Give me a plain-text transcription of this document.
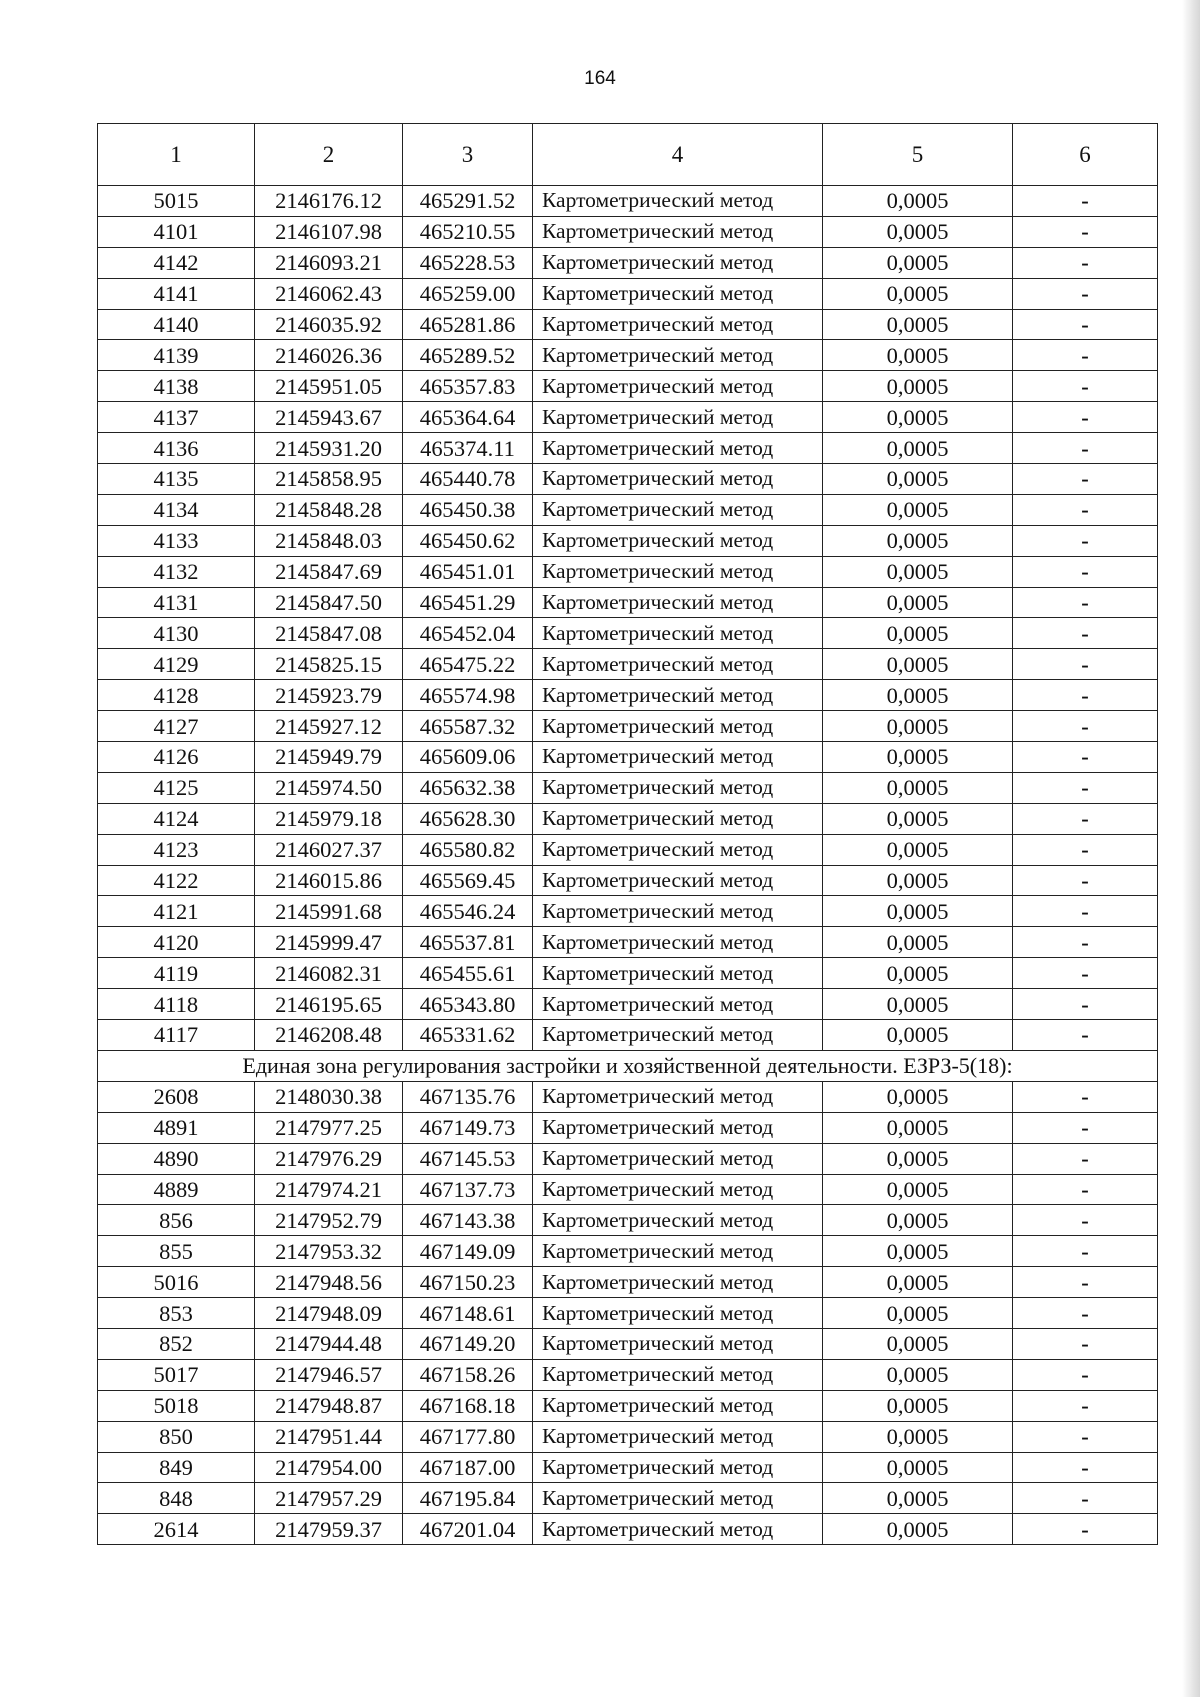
164
1	2	3	4	5	6
5015	2146176.12	465291.52	Картометрический метод	0,0005	-
4101	2146107.98	465210.55	Картометрический метод	0,0005	-
4142	2146093.21	465228.53	Картометрический метод	0,0005	-
4141	2146062.43	465259.00	Картометрический метод	0,0005	-
4140	2146035.92	465281.86	Картометрический метод	0,0005	-
4139	2146026.36	465289.52	Картометрический метод	0,0005	-
4138	2145951.05	465357.83	Картометрический метод	0,0005	-
4137	2145943.67	465364.64	Картометрический метод	0,0005	-
4136	2145931.20	465374.11	Картометрический метод	0,0005	-
4135	2145858.95	465440.78	Картометрический метод	0,0005	-
4134	2145848.28	465450.38	Картометрический метод	0,0005	-
4133	2145848.03	465450.62	Картометрический метод	0,0005	-
4132	2145847.69	465451.01	Картометрический метод	0,0005	-
4131	2145847.50	465451.29	Картометрический метод	0,0005	-
4130	2145847.08	465452.04	Картометрический метод	0,0005	-
4129	2145825.15	465475.22	Картометрический метод	0,0005	-
4128	2145923.79	465574.98	Картометрический метод	0,0005	-
4127	2145927.12	465587.32	Картометрический метод	0,0005	-
4126	2145949.79	465609.06	Картометрический метод	0,0005	-
4125	2145974.50	465632.38	Картометрический метод	0,0005	-
4124	2145979.18	465628.30	Картометрический метод	0,0005	-
4123	2146027.37	465580.82	Картометрический метод	0,0005	-
4122	2146015.86	465569.45	Картометрический метод	0,0005	-
4121	2145991.68	465546.24	Картометрический метод	0,0005	-
4120	2145999.47	465537.81	Картометрический метод	0,0005	-
4119	2146082.31	465455.61	Картометрический метод	0,0005	-
4118	2146195.65	465343.80	Картометрический метод	0,0005	-
4117	2146208.48	465331.62	Картометрический метод	0,0005	-
Единая зона регулирования застройки и хозяйственной деятельности. ЕЗРЗ-5(18):					
2608	2148030.38	467135.76	Картометрический метод	0,0005	-
4891	2147977.25	467149.73	Картометрический метод	0,0005	-
4890	2147976.29	467145.53	Картометрический метод	0,0005	-
4889	2147974.21	467137.73	Картометрический метод	0,0005	-
856	2147952.79	467143.38	Картометрический метод	0,0005	-
855	2147953.32	467149.09	Картометрический метод	0,0005	-
5016	2147948.56	467150.23	Картометрический метод	0,0005	-
853	2147948.09	467148.61	Картометрический метод	0,0005	-
852	2147944.48	467149.20	Картометрический метод	0,0005	-
5017	2147946.57	467158.26	Картометрический метод	0,0005	-
5018	2147948.87	467168.18	Картометрический метод	0,0005	-
850	2147951.44	467177.80	Картометрический метод	0,0005	-
849	2147954.00	467187.00	Картометрический метод	0,0005	-
848	2147957.29	467195.84	Картометрический метод	0,0005	-
2614	2147959.37	467201.04	Картометрический метод	0,0005	-
